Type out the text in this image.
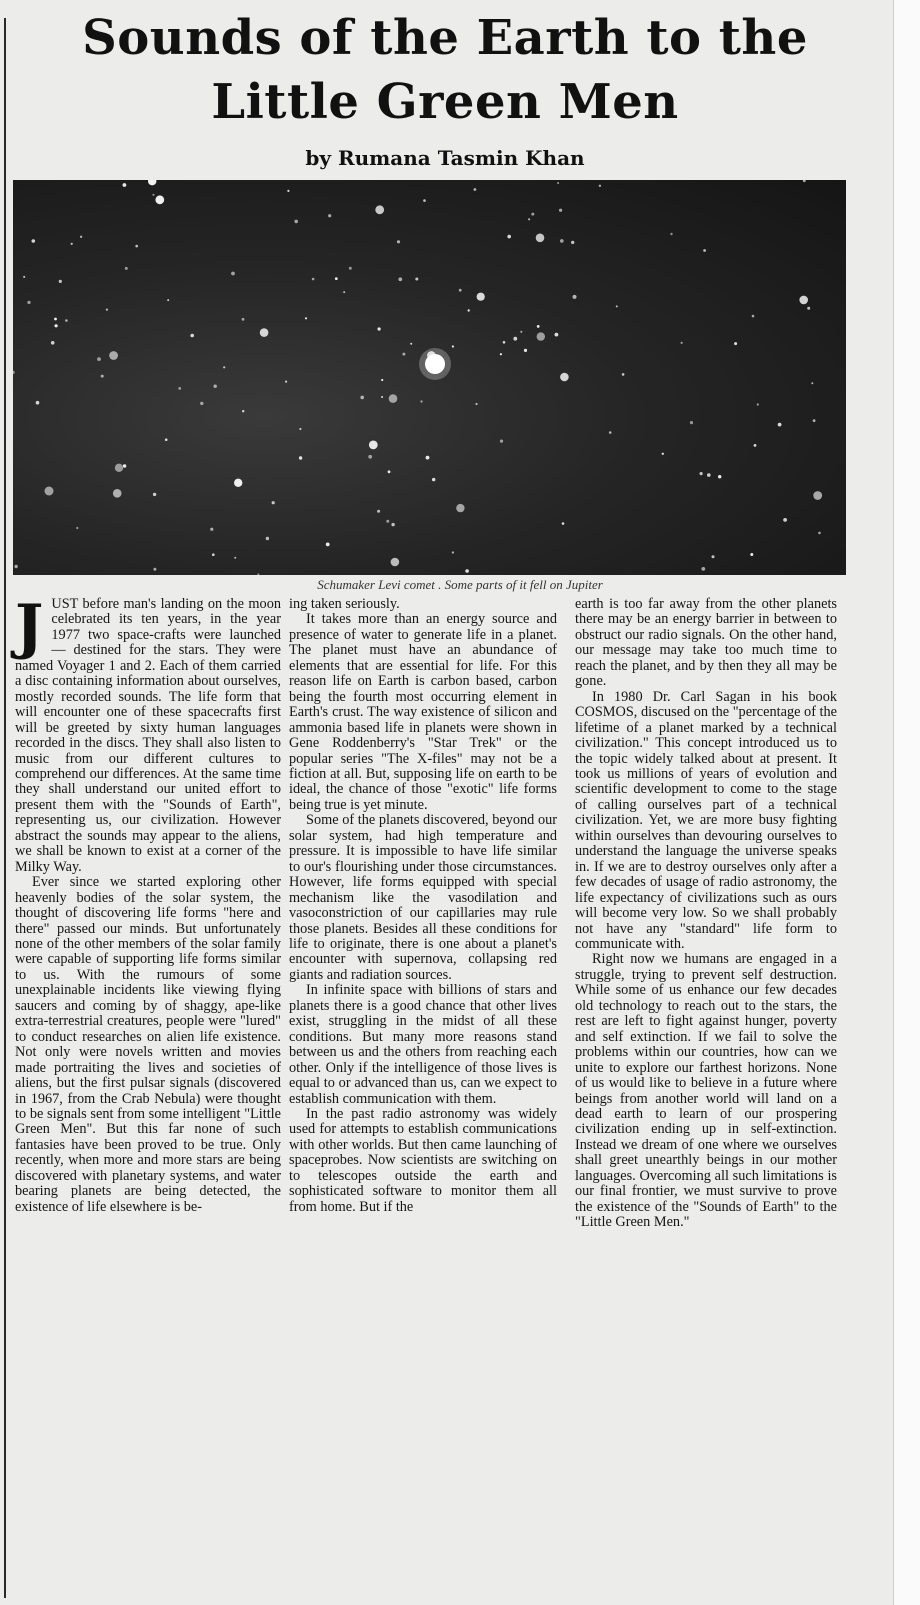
Sounds of the Earth to the Little Green Men
by Rumana Tasmin Khan
Schumaker Levi comet . Some parts of it fell on Jupiter

JUST before man's landing on the moon celebrated its ten years, in the year 1977 two space-crafts were launched — destined for the stars. They were named Voyager 1 and 2. Each of them carried a disc containing information about ourselves, mostly recorded sounds. The life form that will encounter one of these spacecrafts first will be greeted by sixty human languages recorded in the discs. They shall also listen to music from our different cultures to comprehend our differences. At the same time they shall understand our united effort to present them with the "Sounds of Earth", representing us, our civilization. However abstract the sounds may appear to the aliens, we shall be known to exist at a corner of the Milky Way.

Ever since we started exploring other heavenly bodies of the solar system, the thought of discovering life forms "here and there" passed our minds. But unfortunately none of the other members of the solar family were capable of supporting life forms similar to us. With the rumours of some unexplainable incidents like viewing flying saucers and coming by of shaggy, ape-like extra-terrestrial creatures, people were "lured" to conduct researches on alien life existence. Not only were novels written and movies made portraiting the lives and societies of aliens, but the first pulsar signals (discovered in 1967, from the Crab Nebula) were thought to be signals sent from some intelligent "Little Green Men". But this far none of such fantasies have been proved to be true. Only recently, when more and more stars are being discovered with planetary systems, and water bearing planets are being detected, the existence of life elsewhere is be-

ing taken seriously.

It takes more than an energy source and presence of water to generate life in a planet. The planet must have an abundance of elements that are essential for life. For this reason life on Earth is carbon based, carbon being the fourth most occurring element in Earth's crust. The way existence of silicon and ammonia based life in planets were shown in Gene Roddenberry's "Star Trek" or the popular series "The X-files" may not be a fiction at all. But, supposing life on earth to be ideal, the chance of those "exotic" life forms being true is yet minute.

Some of the planets discovered, beyond our solar system, had high temperature and pressure. It is impossible to have life similar to our's flourishing under those circumstances. However, life forms equipped with special mechanism like the vasodilation and vasoconstriction of our capillaries may rule those planets. Besides all these conditions for life to originate, there is one about a planet's encounter with supernova, collapsing red giants and radiation sources.

In infinite space with billions of stars and planets there is a good chance that other lives exist, struggling in the midst of all these conditions. But many more reasons stand between us and the others from reaching each other. Only if the intelligence of those lives is equal to or advanced than us, can we expect to establish communication with them.

In the past radio astronomy was widely used for attempts to establish communications with other worlds. But then came launching of spaceprobes. Now scientists are switching on to telescopes outside the earth and sophisticated software to monitor them all from home. But if the

earth is too far away from the other planets there may be an energy barrier in between to obstruct our radio signals. On the other hand, our message may take too much time to reach the planet, and by then they all may be gone.

In 1980 Dr. Carl Sagan in his book COSMOS, discused on the "percentage of the lifetime of a planet marked by a technical civilization." This concept introduced us to the topic widely talked about at present. It took us millions of years of evolution and scientific development to come to the stage of calling ourselves part of a technical civilization. Yet, we are more busy fighting within ourselves than devouring ourselves to understand the language the universe speaks in. If we are to destroy ourselves only after a few decades of usage of radio astronomy, the life expectancy of civilizations such as ours will become very low. So we shall probably not have any "standard" life form to communicate with.

Right now we humans are engaged in a struggle, trying to prevent self destruction. While some of us enhance our few decades old technology to reach out to the stars, the rest are left to fight against hunger, poverty and self extinction. If we fail to solve the problems within our countries, how can we unite to explore our farthest horizons. None of us would like to believe in a future where beings from another world will land on a dead earth to learn of our prospering civilization ending up in self-extinction. Instead we dream of one where we ourselves shall greet unearthly beings in our mother languages. Overcoming all such limitations is our final frontier, we must survive to prove the existence of the "Sounds of Earth" to the "Little Green Men."
